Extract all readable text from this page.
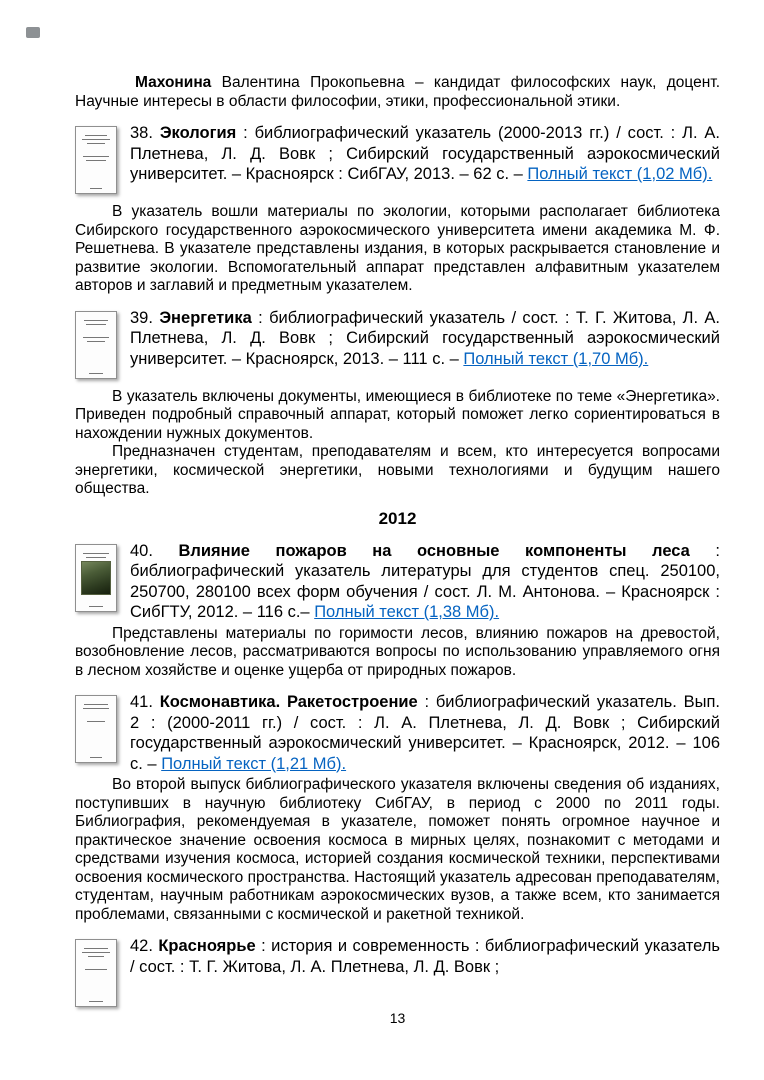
Махонина Валентина Прокопьевна – кандидат философских наук, доцент. Научные интересы в области философии, этики, профессиональной этики.

38. Экология : библиографический указатель (2000-2013 гг.) / сост. : Л. А. Плетнева, Л. Д. Вовк ; Сибирский государственный аэрокосмический университет. – Красноярск : СибГАУ, 2013. – 62 с. – Полный текст (1,02 Мб).

В указатель вошли материалы по экологии, которыми располагает библиотека Сибирского государственного аэрокосмического университета имени академика М. Ф. Решетнева. В указателе представлены издания, в которых раскрывается становление и развитие экологии. Вспомогательный аппарат представлен алфавитным указателем авторов и заглавий и предметным указателем.

39. Энергетика : библиографический указатель / сост. : Т. Г. Житова, Л. А. Плетнева, Л. Д. Вовк ; Сибирский государственный аэрокосмический университет. – Красноярск, 2013. – 111 с. – Полный текст (1,70 Мб).

В указатель включены документы, имеющиеся в библиотеке по теме «Энергетика». Приведен подробный справочный аппарат, который поможет легко сориентироваться в нахождении нужных документов.

Предназначен студентам, преподавателям и всем, кто интересуется вопросами энергетики, космической энергетики, новыми технологиями и будущим нашего общества.

2012

40. Влияние пожаров на основные компоненты леса : библиографический указатель литературы для студентов спец. 250100, 250700, 280100 всех форм обучения / сост. Л. М. Антонова. – Красноярск : СибГТУ, 2012. – 116 с.– Полный текст (1,38 Мб).

Представлены материалы по горимости лесов, влиянию пожаров на древостой, возобновление лесов, рассматриваются вопросы по использованию управляемого огня в лесном хозяйстве и оценке ущерба от природных пожаров.

41. Космонавтика. Ракетостроение : библиографический указатель. Вып. 2 : (2000-2011 гг.) / сост. : Л. А. Плетнева, Л. Д. Вовк ; Сибирский государственный аэрокосмический университет. – Красноярск, 2012. – 106 с. – Полный текст (1,21 Мб).

Во второй выпуск библиографического указателя включены сведения об изданиях, поступивших в научную библиотеку СибГАУ, в период с 2000 по 2011 годы. Библиография, рекомендуемая в указателе, поможет понять огромное научное и практическое значение освоения космоса в мирных целях, познакомит с методами и средствами изучения космоса, историей создания космической техники, перспективами освоения космического пространства. Настоящий указатель адресован преподавателям, студентам, научным работникам аэрокосмических вузов, а также всем, кто занимается проблемами, связанными с космической и ракетной техникой.

42. Красноярье : история и современность : библиографический указатель / сост. : Т. Г. Житова, Л. А. Плетнева, Л. Д. Вовк ;

13
